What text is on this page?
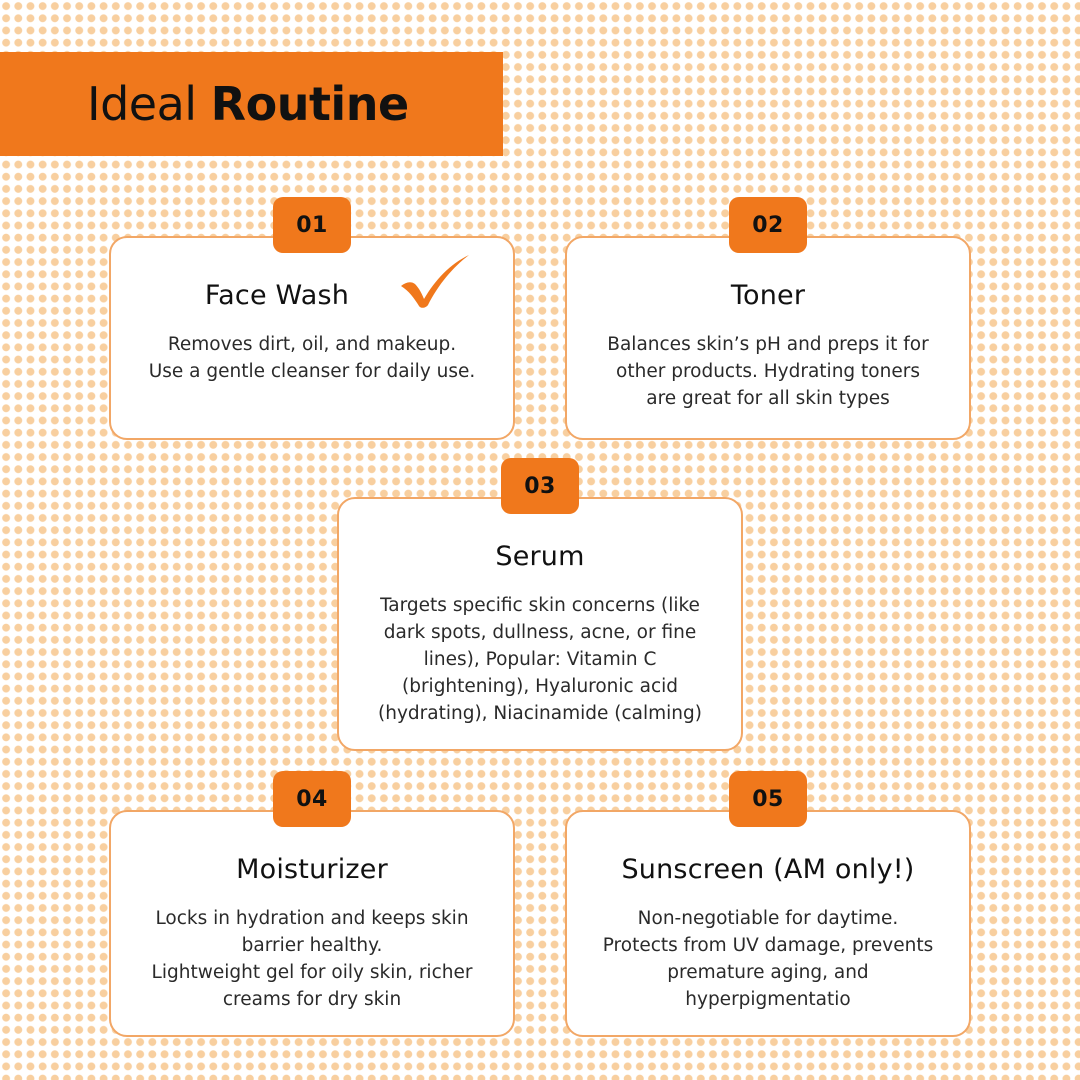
Ideal Routine
Face Wash
Removes dirt, oil, and makeup.
Use a gentle cleanser for daily use.
01
Toner
Balances skin’s pH and preps it for
other products. Hydrating toners
are great for all skin types
02
Serum
Targets specific skin concerns (like
dark spots, dullness, acne, or fine
lines), Popular: Vitamin C
(brightening), Hyaluronic acid
(hydrating), Niacinamide (calming)
03
Moisturizer
Locks in hydration and keeps skin
barrier healthy.
Lightweight gel for oily skin, richer
creams for dry skin
04
Sunscreen (AM only!)
Non-negotiable for daytime.
Protects from UV damage, prevents
premature aging, and
hyperpigmentatio
05
